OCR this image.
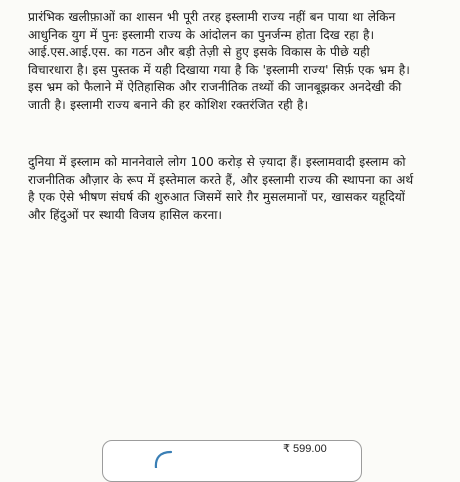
प्रारंभिक खलीफ़ाओं का शासन भी पूरी तरह इस्लामी राज्य नहीं बन पाया था लेकिन
आधुनिक युग में पुनः इस्लामी राज्य के आंदोलन का पुनर्जन्म होता दिख रहा है।
आई.एस.आई.एस. का गठन और बड़ी तेज़ी से हुए इसके विकास के पीछे यही
विचारधारा है। इस पुस्तक में यही दिखाया गया है कि 'इस्लामी राज्य' सिर्फ़ एक भ्रम है।
इस भ्रम को फैलाने में ऐतिहासिक और राजनीतिक तथ्यों की जानबूझकर अनदेखी की
जाती है। इस्लामी राज्य बनाने की हर कोशिश रक्तरंजित रही है।
दुनिया में इस्लाम को माननेवाले लोग 100 करोड़ से ज़्यादा हैं। इस्लामवादी इस्लाम को
राजनीतिक औज़ार के रूप में इस्तेमाल करते हैं, और इस्लामी राज्य की स्थापना का अर्थ
है एक ऐसे भीषण संघर्ष की शुरुआत जिसमें सारे ग़ैर मुसलमानों पर, खासकर यहूदियों
और हिंदुओं पर स्थायी विजय हासिल करना।
₹ 599.00
